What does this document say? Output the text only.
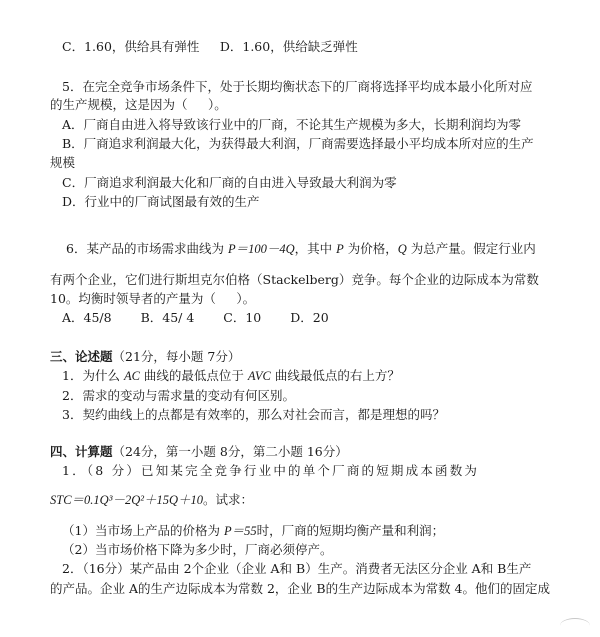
C．1.60，供给具有弹性 　 D．1.60，供给缺乏弹性
5．在完全竞争市场条件下，处于长期均衡状态下的厂商将选择平均成本最小化所对应
的生产规模，这是因为（ 　 ）。
A．厂商自由进入将导致该行业中的厂商，不论其生产规模为多大，长期利润均为零
B．厂商追求利润最大化，为获得最大利润，厂商需要选择最小平均成本所对应的生产
规模
C．厂商追求利润最大化和厂商的自由进入导致最大利润为零
D．行业中的厂商试图最有效的生产
6．某产品的市场需求曲线为 P＝100－4Q，其中 P 为价格，Q 为总产量。假定行业内
有两个企业，它们进行斯坦克尔伯格（Stackelberg）竞争。每个企业的边际成本为常数
10。均衡时领导者的产量为（ 　 ）。
A．45/8 　　B．45/ 4 　　C．10 　　D．20
三、论述题（21分，每小题 7分）
1．为什么 AC 曲线的最低点位于 AVC 曲线最低点的右上方？
2．需求的变动与需求量的变动有何区别。
3．契约曲线上的点都是有效率的，那么对社会而言，都是理想的吗？
四、计算题（24分，第一小题 8分，第二小题 16分）
1．（8 分）已知某完全竞争行业中的单个厂商的短期成本函数为
STC＝0.1Q³－2Q²＋15Q＋10。试求：
（1）当市场上产品的价格为 P＝55时，厂商的短期均衡产量和利润；
（2）当市场价格下降为多少时，厂商必须停产。
2．（16分）某产品由 2个企业（企业 A和 B）生产。消费者无法区分企业 A和 B生产
的产品。企业 A的生产边际成本为常数 2，企业 B的生产边际成本为常数 4。他们的固定成
